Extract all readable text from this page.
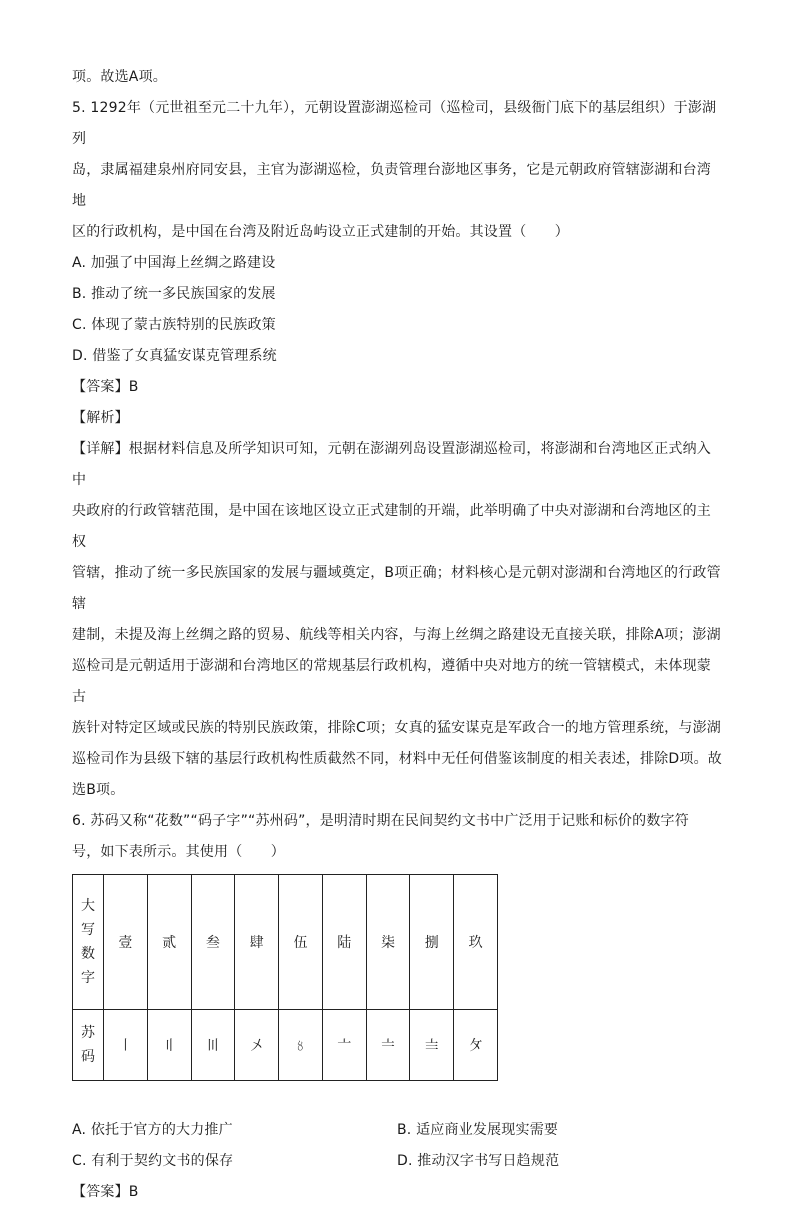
项。故选A项。

5. 1292年（元世祖至元二十九年），元朝设置澎湖巡检司（巡检司，县级衙门底下的基层组织）于澎湖列

岛，隶属福建泉州府同安县，主官为澎湖巡检，负责管理台澎地区事务，它是元朝政府管辖澎湖和台湾地

区的行政机构，是中国在台湾及附近岛屿设立正式建制的开始。其设置（　　）

A. 加强了中国海上丝绸之路建设

B. 推动了统一多民族国家的发展

C. 体现了蒙古族特别的民族政策

D. 借鉴了女真猛安谋克管理系统

【答案】B

【解析】

【详解】根据材料信息及所学知识可知，元朝在澎湖列岛设置澎湖巡检司，将澎湖和台湾地区正式纳入中

央政府的行政管辖范围，是中国在该地区设立正式建制的开端，此举明确了中央对澎湖和台湾地区的主权

管辖，推动了统一多民族国家的发展与疆域奠定，B项正确；材料核心是元朝对澎湖和台湾地区的行政管辖

建制，未提及海上丝绸之路的贸易、航线等相关内容，与海上丝绸之路建设无直接关联，排除A项；澎湖

巡检司是元朝适用于澎湖和台湾地区的常规基层行政机构，遵循中央对地方的统一管辖模式，未体现蒙古

族针对特定区域或民族的特别民族政策，排除C项；女真的猛安谋克是军政合一的地方管理系统，与澎湖

巡检司作为县级下辖的基层行政机构性质截然不同，材料中无任何借鉴该制度的相关表述，排除D项。故

选B项。

6. 苏码又称“花数”“码子字”“苏州码”，是明清时期在民间契约文书中广泛用于记账和标价的数字符

号，如下表所示。其使用（　　）

大
写
数
字	壹	贰	叁	肆	伍	陆	柒	捌	玖

苏
码	〡	〢	〣	〤	〥	〦	〧	〨	〩

A. 依托于官方的大力推广	B. 适应商业发展现实需要

C. 有利于契约文书的保存	D. 推动汉字书写日趋规范

【答案】B
